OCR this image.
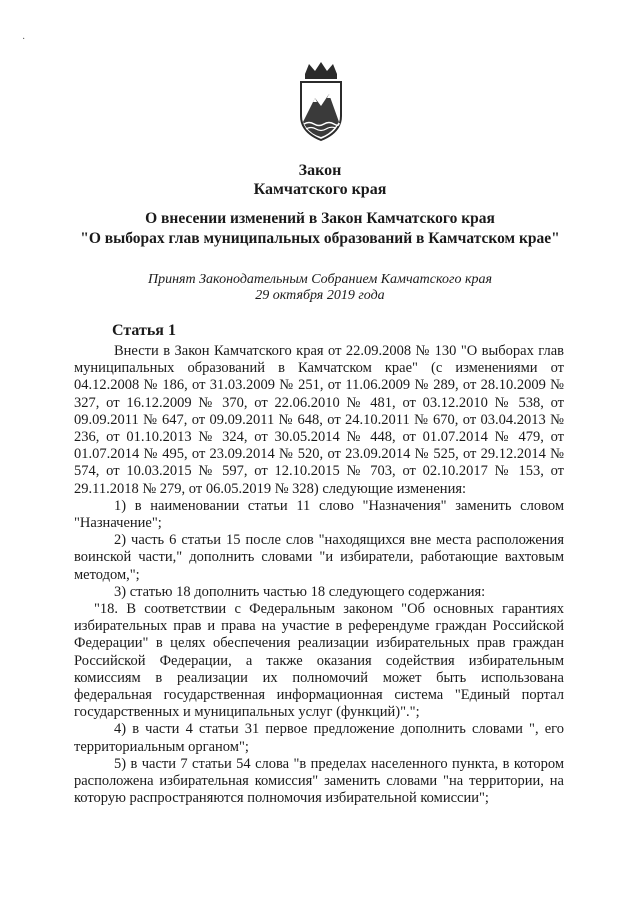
·
Закон
Камчатского края
О внесении изменений в Закон Камчатского края
"О выборах глав муниципальных образований в Камчатском крае"
Принят Законодательным Собранием Камчатского края
29 октября 2019 года
Статья 1

Внести в Закон Камчатского края от 22.09.2008 № 130 "О выборах глав муниципальных образований в Камчатском крае" (с изменениями от 04.12.2008 № 186, от 31.03.2009 № 251, от 11.06.2009 № 289, от 28.10.2009 № 327, от 16.12.2009 № 370, от 22.06.2010 № 481, от 03.12.2010 № 538, от 09.09.2011 № 647, от 09.09.2011 № 648, от 24.10.2011 № 670, от 03.04.2013 № 236, от 01.10.2013 № 324, от 30.05.2014 № 448, от 01.07.2014 № 479, от 01.07.2014 № 495, от 23.09.2014 № 520, от 23.09.2014 № 525, от 29.12.2014 № 574, от 10.03.2015 № 597, от 12.10.2015 № 703, от 02.10.2017 № 153, от 29.11.2018 № 279, от 06.05.2019 № 328) следующие изменения:

1) в наименовании статьи 11 слово "Назначения" заменить словом "Назначение";

2) часть 6 статьи 15 после слов "находящихся вне места расположения воинской части," дополнить словами "и избиратели, работающие вахтовым методом,";

3) статью 18 дополнить частью 18 следующего содержания:

"18. В соответствии с Федеральным законом "Об основных гарантиях избирательных прав и права на участие в референдуме граждан Российской Федерации" в целях обеспечения реализации избирательных прав граждан Российской Федерации, а также оказания содействия избирательным комиссиям в реализации их полномочий может быть использована федеральная государственная информационная система "Единый портал государственных и муниципальных услуг (функций)".";

4) в части 4 статьи 31 первое предложение дополнить словами ", его территориальным органом";

5) в части 7 статьи 54 слова "в пределах населенного пункта, в котором расположена избирательная комиссия" заменить словами "на территории, на которую распространяются полномочия избирательной комиссии";
